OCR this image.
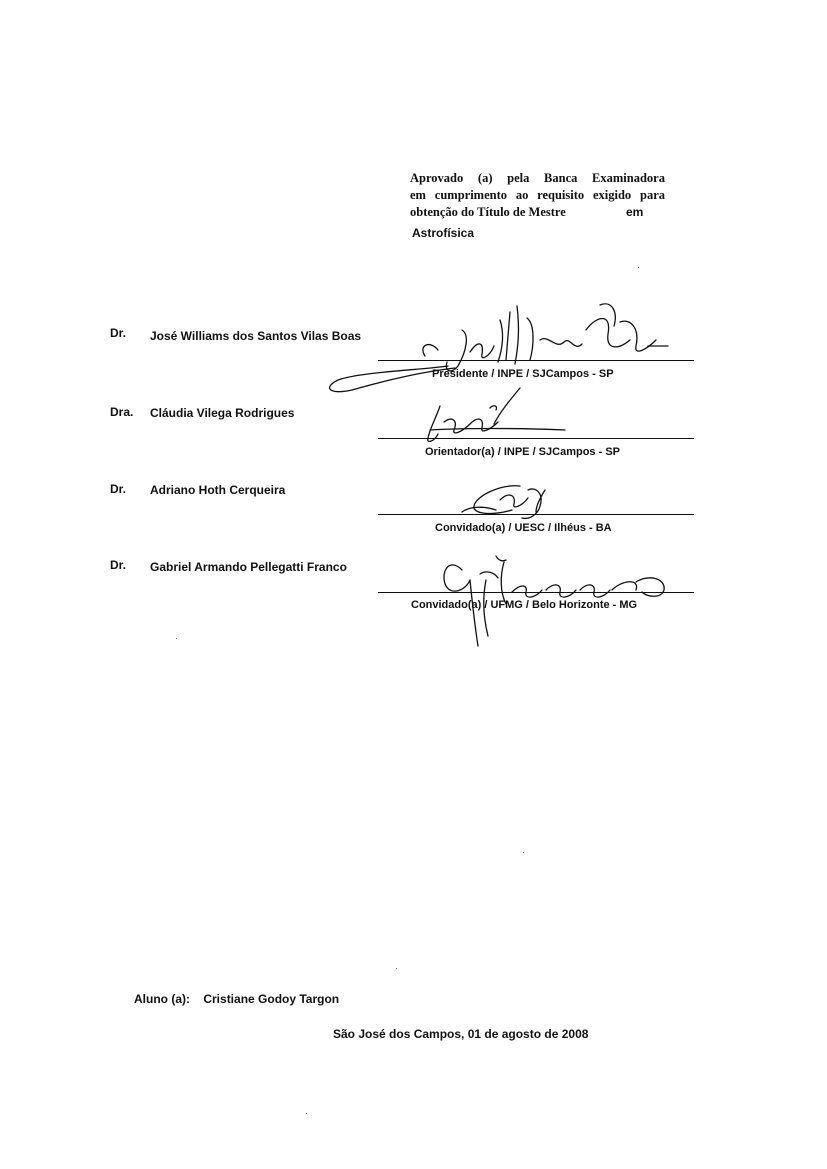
Aprovado (a) pela Banca Examinadora
em cumprimento ao requisito exigido para
obtenção do Título de Mestre	em
Astrofísica
Dr. José Williams dos Santos Vilas Boas
Presidente / INPE / SJCampos - SP
Dra. Cláudia Vilega Rodrigues
Orientador(a) / INPE / SJCampos - SP
Dr. Adriano Hoth Cerqueira
Convidado(a) / UESC / Ilhéus - BA
Dr. Gabriel Armando Pellegatti Franco
Convidado(a) / UFMG / Belo Horizonte - MG
Aluno (a): Cristiane Godoy Targon
São José dos Campos, 01 de agosto de 2008
